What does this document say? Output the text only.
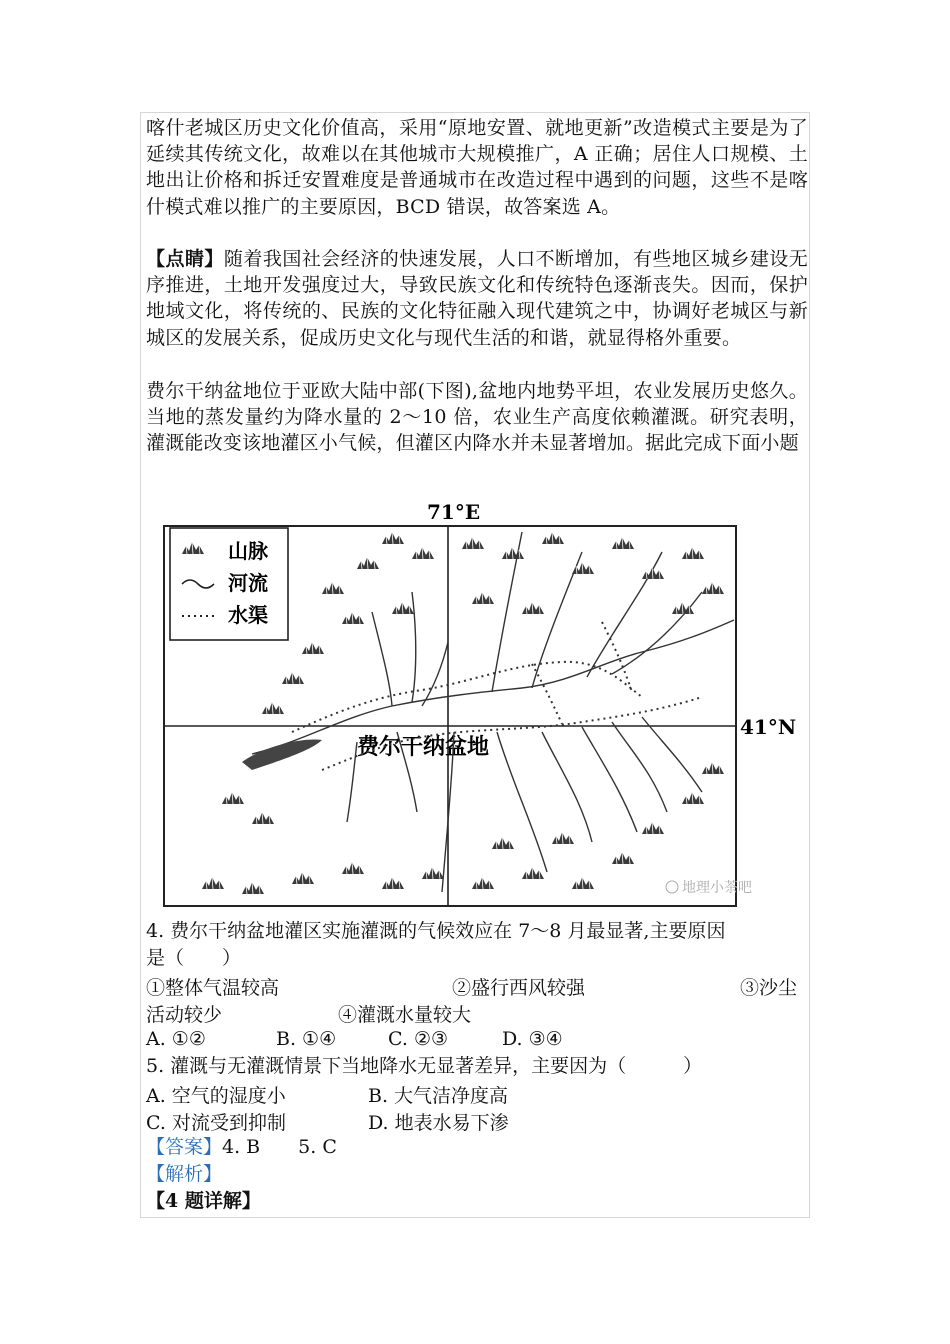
喀什老城区历史文化价值高，采用“原地安置、就地更新”改造模式主要是为了延续其传统文化，故难以在其他城市大规模推广，A 正确；居住人口规模、土地出让价格和拆迁安置难度是普通城市在改造过程中遇到的问题，这些不是喀什模式难以推广的主要原因，BCD 错误，故答案选 A。
【点睛】随着我国社会经济的快速发展，人口不断增加，有些地区城乡建设无序推进，土地开发强度过大，导致民族文化和传统特色逐渐丧失。因而，保护地域文化，将传统的、民族的文化特征融入现代建筑之中，协调好老城区与新城区的发展关系，促成历史文化与现代生活的和谐，就显得格外重要。
费尔干纳盆地位于亚欧大陆中部(下图),盆地内地势平坦，农业发展历史悠久。当地的蒸发量约为降水量的 2～10 倍，农业生产高度依赖灌溉。研究表明，灌溉能改变该地灌区小气候，但灌区内降水并未显著增加。据此完成下面小题
山脉
河流
水渠
71°E
41°N
费尔干纳盆地
地理小茶吧
4. 费尔干纳盆地灌区实施灌溉的气候效应在 7～8 月最显著,主要原因
是（　　）
①整体气温较高	②盛行西风较强	③沙尘
活动较少	④灌溉水量较大
A. ①②	B. ①④	C. ②③	D. ③④
5. 灌溉与无灌溉情景下当地降水无显著差异，主要因为（　　　）
A. 空气的湿度小	B. 大气洁净度高
C. 对流受到抑制	D. 地表水易下渗
【答案】4. B　　5. C
【解析】
【4 题详解】
